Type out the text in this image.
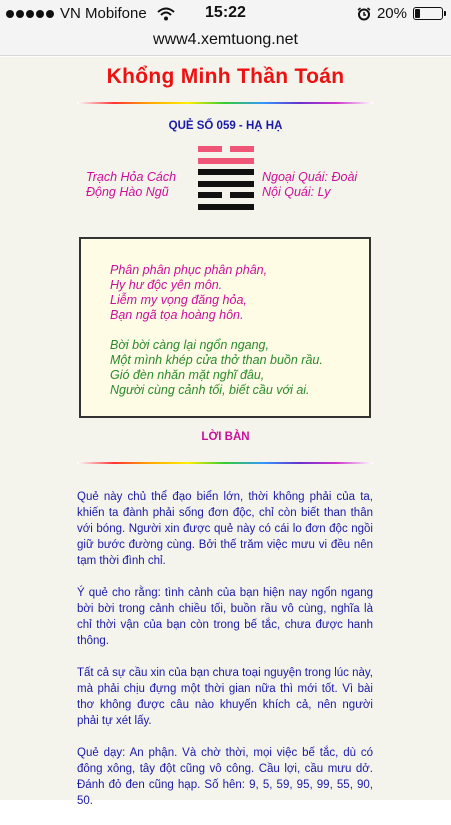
VN Mobifone	15:22	20%
www4.xemtuong.net
Khổng Minh Thần Toán
QUẺ SỐ 059 - HẠ HẠ
Trạch Hỏa Cách
Động Hào Ngũ
Ngoại Quái: Đoài
Nội Quái: Ly
Phân phân phục phân phân,
Hy hư độc yên môn.
Liễm my vọng đăng hỏa,
Bạn ngã tọa hoàng hôn.
Bời bời càng lại ngổn ngang,
Một mình khép cửa thở than buồn rầu.
Gió đèn nhăn mặt nghĩ đâu,
Người cùng cảnh tối, biết cầu với ai.
LỜI BÀN

Quẻ này chủ thể đạo biển lớn, thời không phải của ta, khiến ta đành phải sống đơn độc, chỉ còn biết than thân với bóng. Người xin được quẻ này có cái lo đơn độc ngồi giữ bước đường cùng. Bởi thế trăm việc mưu vi đều nên tạm thời đình chỉ.

Ý quẻ cho rằng: tình cảnh của bạn hiện nay ngổn ngang bời bời trong cảnh chiều tối, buồn rầu vô cùng, nghĩa là chỉ thời vận của bạn còn trong bế tắc, chưa được hanh thông.

Tất cả sự cầu xin của bạn chưa toại nguyện trong lúc này, mà phải chịu đựng một thời gian nữa thì mới tốt. Vì bài thơ không được câu nào khuyến khích cả, nên người phải tự xét lấy.

Quẻ dạy: An phận. Và chờ thời, mọi việc bế tắc, dù có đông xông, tây đột cũng vô công. Cầu lợi, cầu mưu dở. Đánh đỏ đen cũng hạp. Số hên: 9, 5, 59, 95, 99, 55, 90, 50.
